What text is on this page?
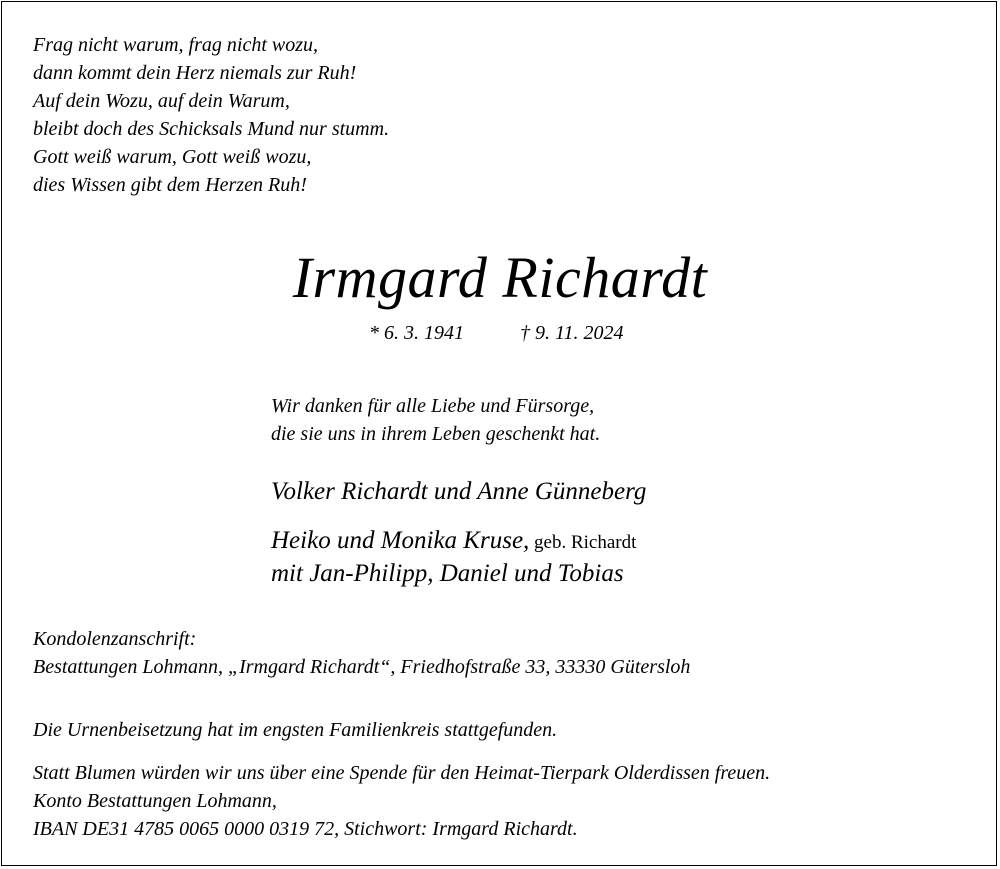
Frag nicht warum, frag nicht wozu,
dann kommt dein Herz niemals zur Ruh!
Auf dein Wozu, auf dein Warum,
bleibt doch des Schicksals Mund nur stumm.
Gott weiß warum, Gott weiß wozu,
dies Wissen gibt dem Herzen Ruh!
Irmgard Richardt
* 6. 3. 1941	† 9. 11. 2024
Wir danken für alle Liebe und Fürsorge,
die sie uns in ihrem Leben geschenkt hat.
Volker Richardt und Anne Günneberg
Heiko und Monika Kruse, geb. Richardt
mit Jan-Philipp, Daniel und Tobias
Kondolenzanschrift:
Bestattungen Lohmann, „Irmgard Richardt“, Friedhofstraße 33, 33330 Gütersloh
Die Urnenbeisetzung hat im engsten Familienkreis stattgefunden.
Statt Blumen würden wir uns über eine Spende für den Heimat-Tierpark Olderdissen freuen.
Konto Bestattungen Lohmann,
IBAN DE31 4785 0065 0000 0319 72, Stichwort: Irmgard Richardt.
